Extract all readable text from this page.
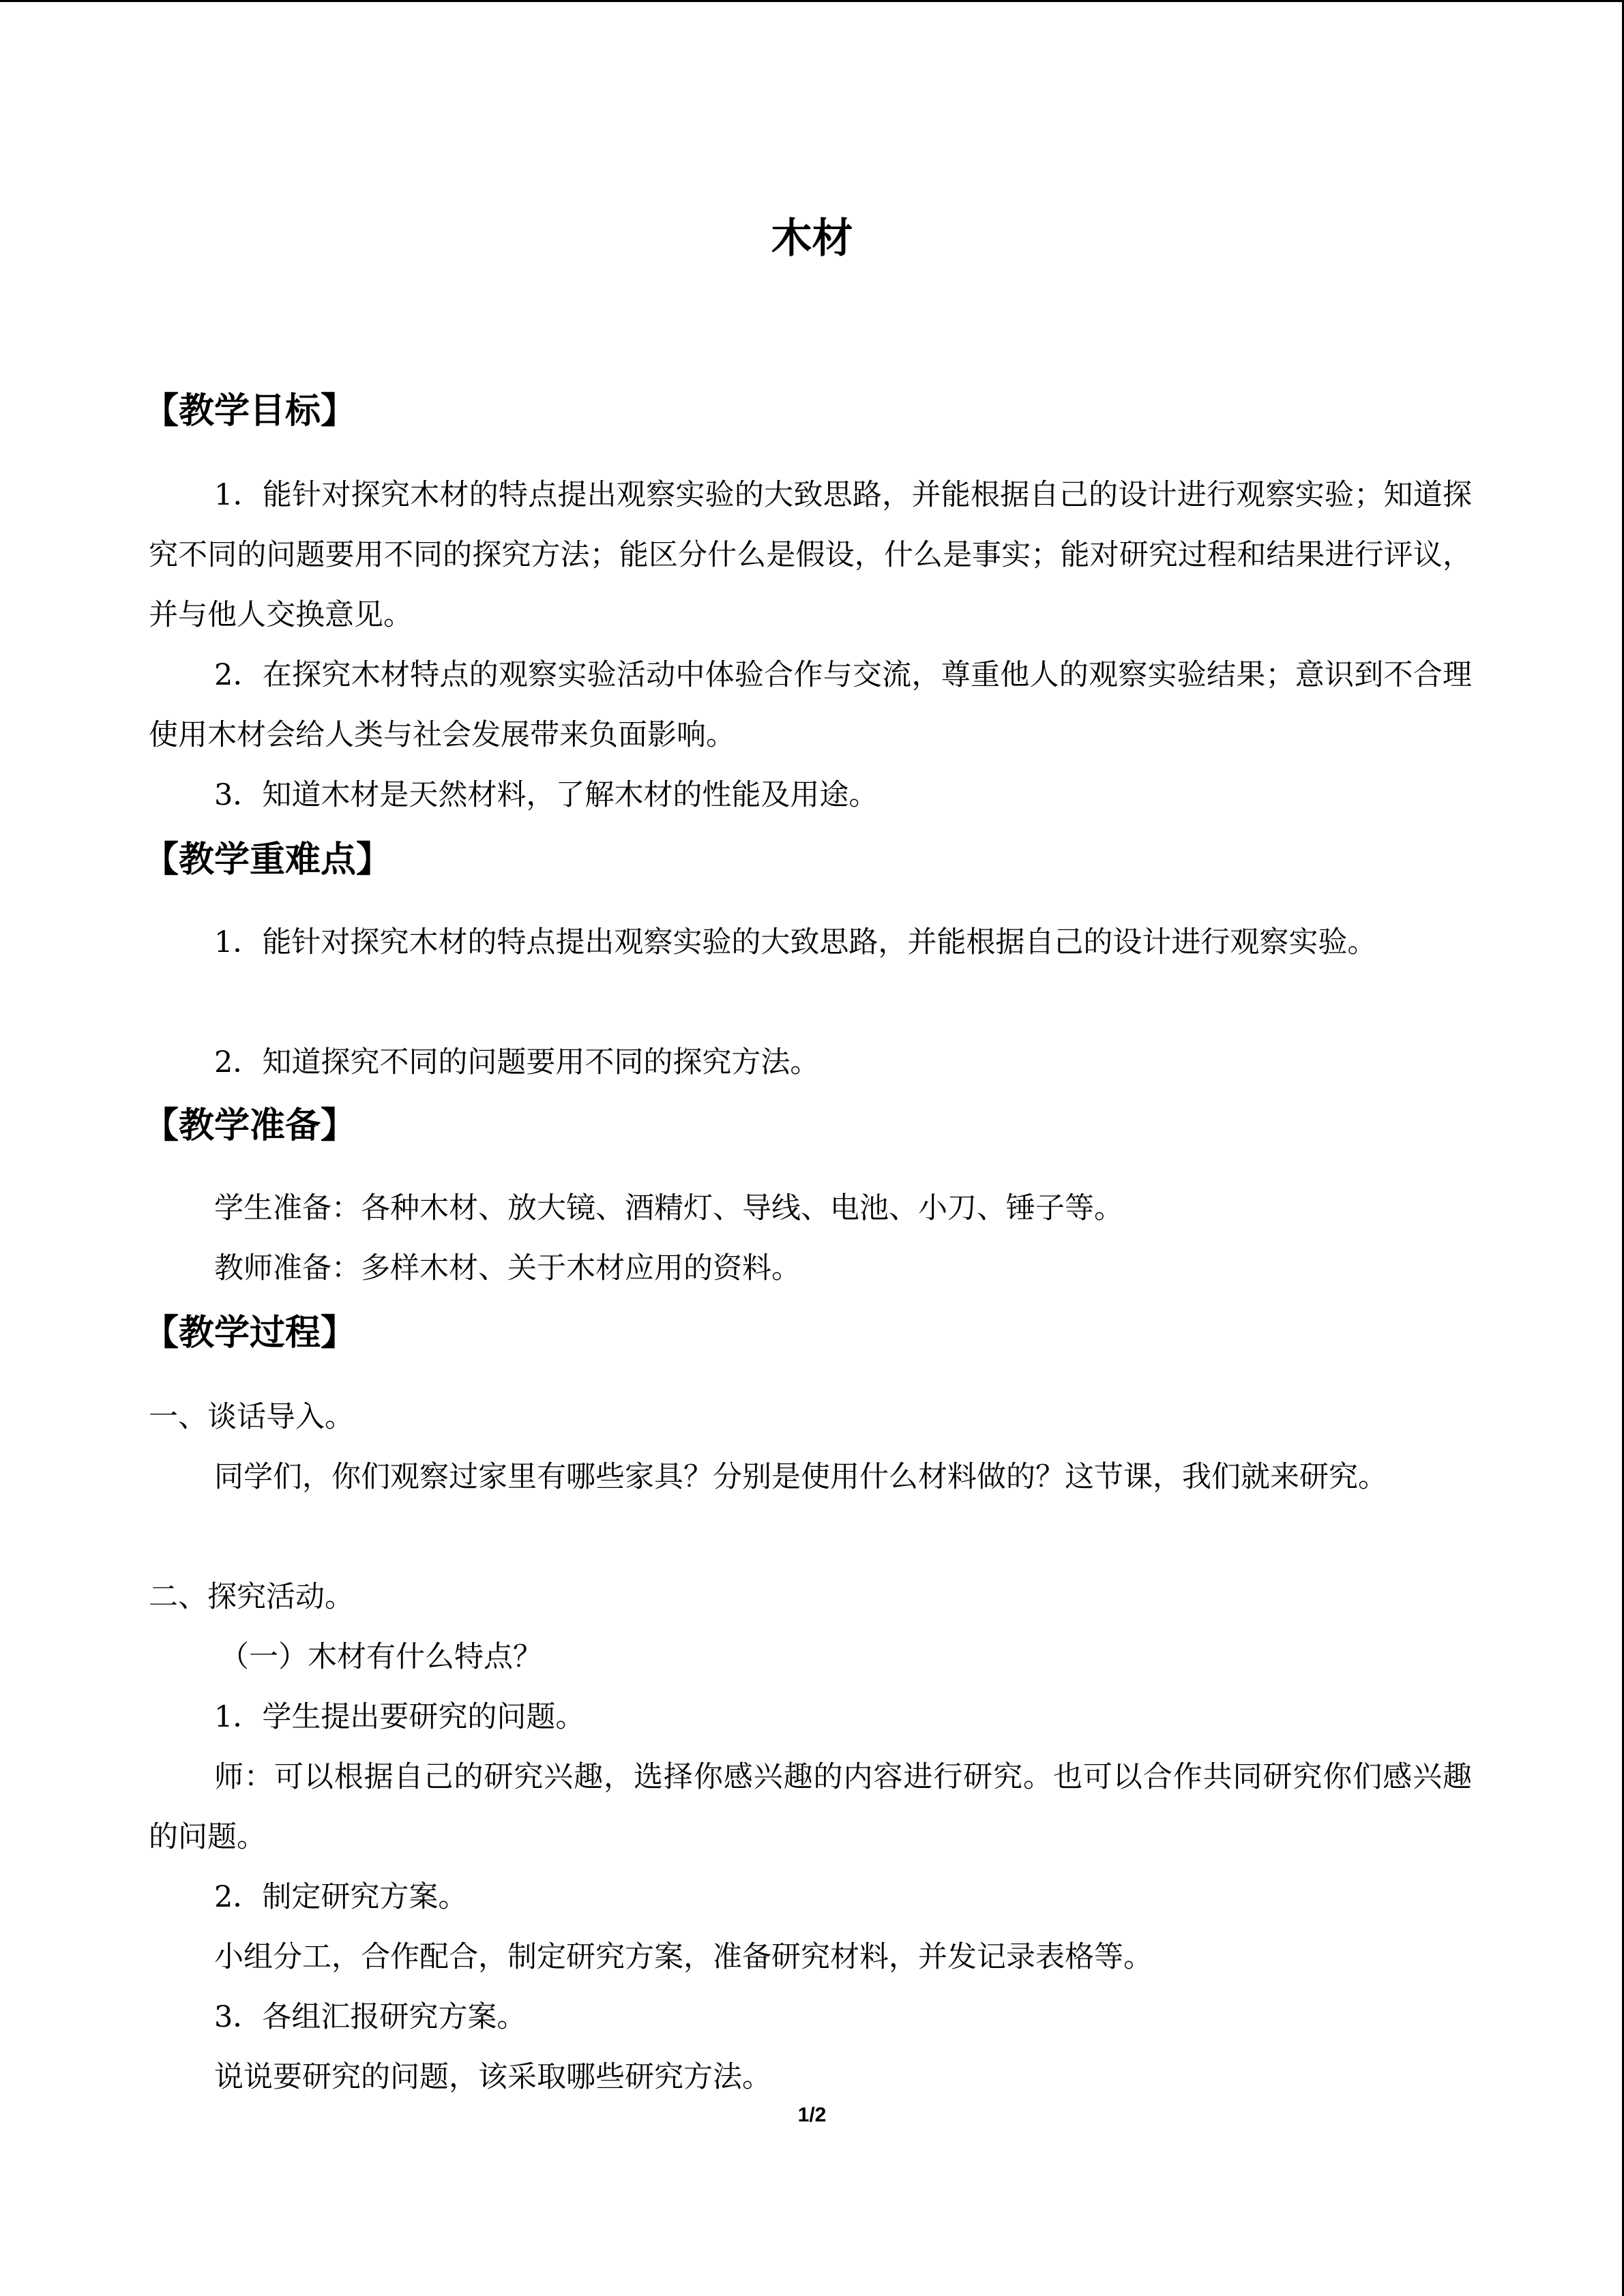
木材
【教学目标】

1．能针对探究木材的特点提出观察实验的大致思路，并能根据自己的设计进行观察实验；知道探究不同的问题要用不同的探究方法；能区分什么是假设，什么是事实；能对研究过程和结果进行评议，并与他人交换意见。

2．在探究木材特点的观察实验活动中体验合作与交流，尊重他人的观察实验结果；意识到不合理使用木材会给人类与社会发展带来负面影响。

3．知道木材是天然材料，了解木材的性能及用途。

【教学重难点】

1．能针对探究木材的特点提出观察实验的大致思路，并能根据自己的设计进行观察实验。

2．知道探究不同的问题要用不同的探究方法。

【教学准备】

学生准备：各种木材、放大镜、酒精灯、导线、电池、小刀、锤子等。

教师准备：多样木材、关于木材应用的资料。

【教学过程】

一、谈话导入。

同学们，你们观察过家里有哪些家具？分别是使用什么材料做的？这节课，我们就来研究。

二、探究活动。

（一）木材有什么特点？

1．学生提出要研究的问题。

师：可以根据自己的研究兴趣，选择你感兴趣的内容进行研究。也可以合作共同研究你们感兴趣的问题。

2．制定研究方案。

小组分工，合作配合，制定研究方案，准备研究材料，并发记录表格等。

3．各组汇报研究方案。

说说要研究的问题，该采取哪些研究方法。

1/2
